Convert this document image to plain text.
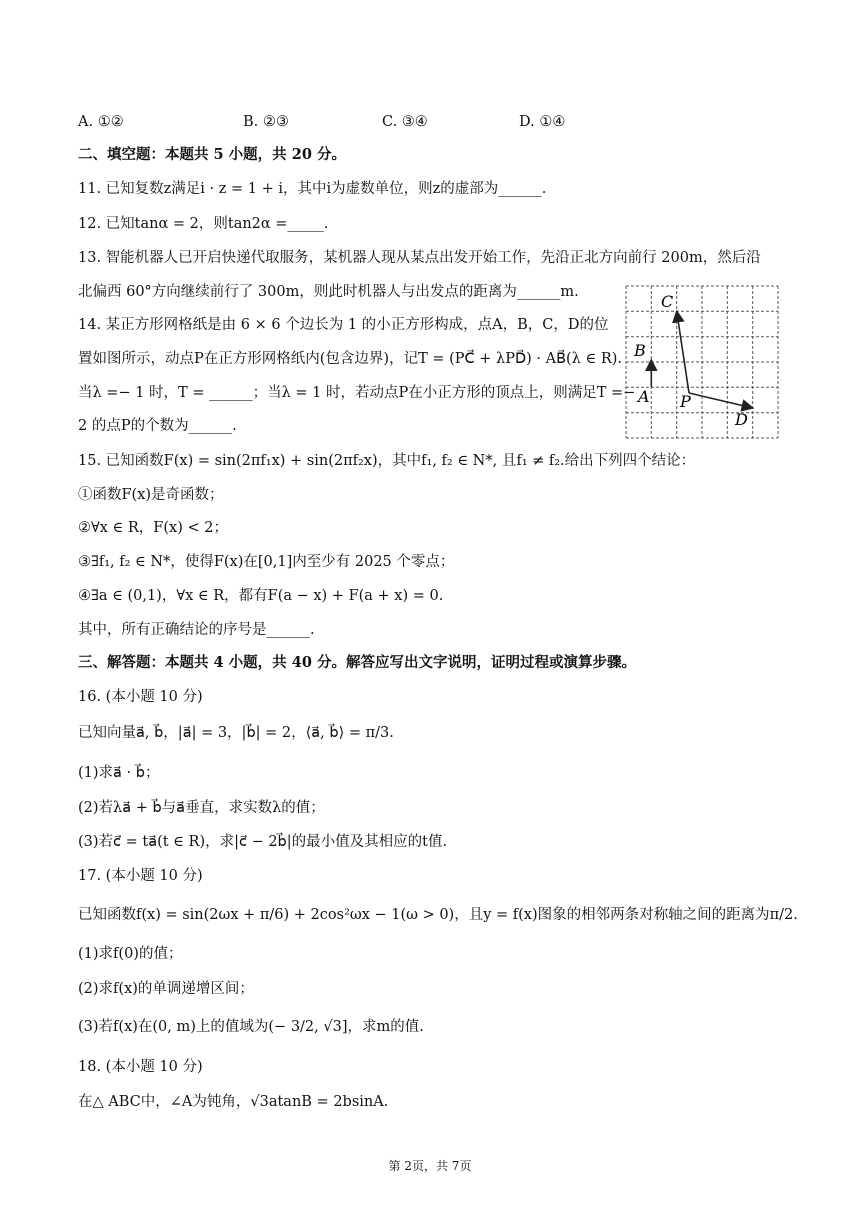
A. ①②	B. ②③	C. ③④	D. ①④
二、填空题：本题共 5 小题，共 20 分。
11. 已知复数z满足i · z = 1 + i，其中i为虚数单位，则z的虚部为______.
12. 已知tanα = 2，则tan2α =_____.
13. 智能机器人已开启快递代取服务，某机器人现从某点出发开始工作，先沿正北方向前行 200m，然后沿
北偏西 60°方向继续前行了 300m，则此时机器人与出发点的距离为______m.
14. 某正方形网格纸是由 6 × 6 个边长为 1 的小正方形构成，点A，B，C，D的位
置如图所示，动点P在正方形网格纸内(包含边界)，记T = (PC⃗ + λPD⃗) · AB⃗(λ ∈ R).
当λ =− 1 时，T = ______；当λ = 1 时，若动点P在小正方形的顶点上，则满足T =−
2 的点P的个数为______.
A
B
C
D
P
15. 已知函数F(x) = sin(2πf₁x) + sin(2πf₂x)，其中f₁, f₂ ∈ N*, 且f₁ ≠ f₂.给出下列四个结论：
①函数F(x)是奇函数；
②∀x ∈ R，F(x) < 2；
③∃f₁, f₂ ∈ N*，使得F(x)在[0,1]内至少有 2025 个零点；
④∃a ∈ (0,1)，∀x ∈ R，都有F(a − x) + F(a + x) = 0.
其中，所有正确结论的序号是______.
三、解答题：本题共 4 小题，共 40 分。解答应写出文字说明，证明过程或演算步骤。
16. (本小题 10 分)
已知向量a⃗, b⃗，|a⃗| = 3，|b⃗| = 2，⟨a⃗, b⃗⟩ = π/3.
(1)求a⃗ · b⃗；
(2)若λa⃗ + b⃗与a⃗垂直，求实数λ的值；
(3)若c⃗ = ta⃗(t ∈ R)，求|c⃗ − 2b⃗|的最小值及其相应的t值.
17. (本小题 10 分)
已知函数f(x) = sin(2ωx + π/6) + 2cos²ωx − 1(ω > 0)，且y = f(x)图象的相邻两条对称轴之间的距离为π/2.
(1)求f(0)的值；
(2)求f(x)的单调递增区间；
(3)若f(x)在(0, m)上的值域为(− 3/2, √3]，求m的值.
18. (本小题 10 分)
在△ ABC中，∠A为钝角，√3atanB = 2bsinA.
第 2页，共 7页
